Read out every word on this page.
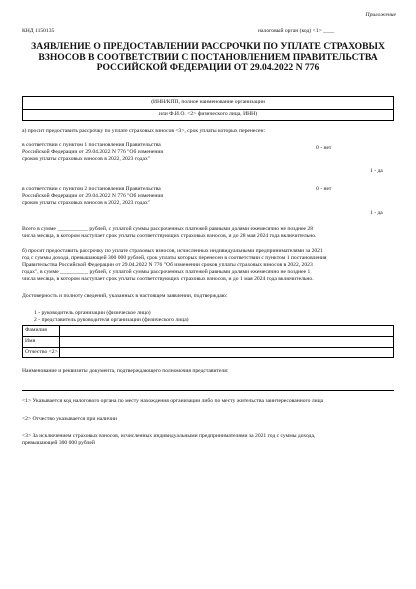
Приложение
КНД 1150135	налоговый орган (код) <1> ____
ЗАЯВЛЕНИЕ О ПРЕДОСТАВЛЕНИИ РАССРОЧКИ ПО УПЛАТЕ СТРАХОВЫХ ВЗНОСОВ В СООТВЕТСТВИИ С ПОСТАНОВЛЕНИЕМ ПРАВИТЕЛЬСТВА РОССИЙСКОЙ ФЕДЕРАЦИИ ОТ 29.04.2022 N 776
(ИНН/КПП, полное наименование организации
или Ф.И.О. <2> физического лица, ИНН)
а) просит предоставить рассрочку по уплате страховых взносов <3>, срок уплаты которых перенесен:
в соответствии с пунктом 1 постановления Правительства
Российской Федерации от 29.04.2022 N 776 "Об изменении
сроков уплаты страховых взносов в 2022, 2023 годах"
0 - нет
1 - да
в соответствии с пунктом 2 постановления Правительства
Российской Федерации от 29.04.2022 N 776 "Об изменении
сроков уплаты страховых взносов в 2022, 2023 годах"
0 - нет
1 - да
Всего в сумме ___________ рублей, с уплатой суммы рассроченных платежей равными долями ежемесячно не позднее 28
числа месяца, в котором наступает срок уплаты соответствующих страховых взносов, и до 28 мая 2024 года включительно.
б) просит предоставить рассрочку по уплате страховых взносов, исчисленных индивидуальными предпринимателями за 2021
год с суммы дохода, превышающей 300 000 рублей, срок уплаты которых перенесен в соответствии с пунктом 1 постановления
Правительства Российской Федерации от 29.04.2022 N 776 "Об изменении сроков уплаты страховых взносов в 2022, 2023
годах", в сумме __________ рублей, с уплатой суммы рассроченных платежей равными долями ежемесячно не позднее 1
числа месяца, в котором наступает срок уплаты соответствующих страховых взносов, и до 1 мая 2024 года включительно.
Достоверность и полноту сведений, указанных в настоящем заявлении, подтверждаю:
1 - руководитель организации (физическое лицо)
2 - представитель руководителя организации (физического лица)
Фамилия
Имя
Отчество <2>
Наименование и реквизиты документа, подтверждающего полномочия представителя:
<1> Указывается код налогового органа по месту нахождения организации либо по месту жительства заинтересованного лица
<2> Отчество указывается при наличии
<3> За исключением страховых взносов, исчисленных индивидуальными предпринимателями за 2021 год с суммы дохода,
превышающей 300 000 рублей
